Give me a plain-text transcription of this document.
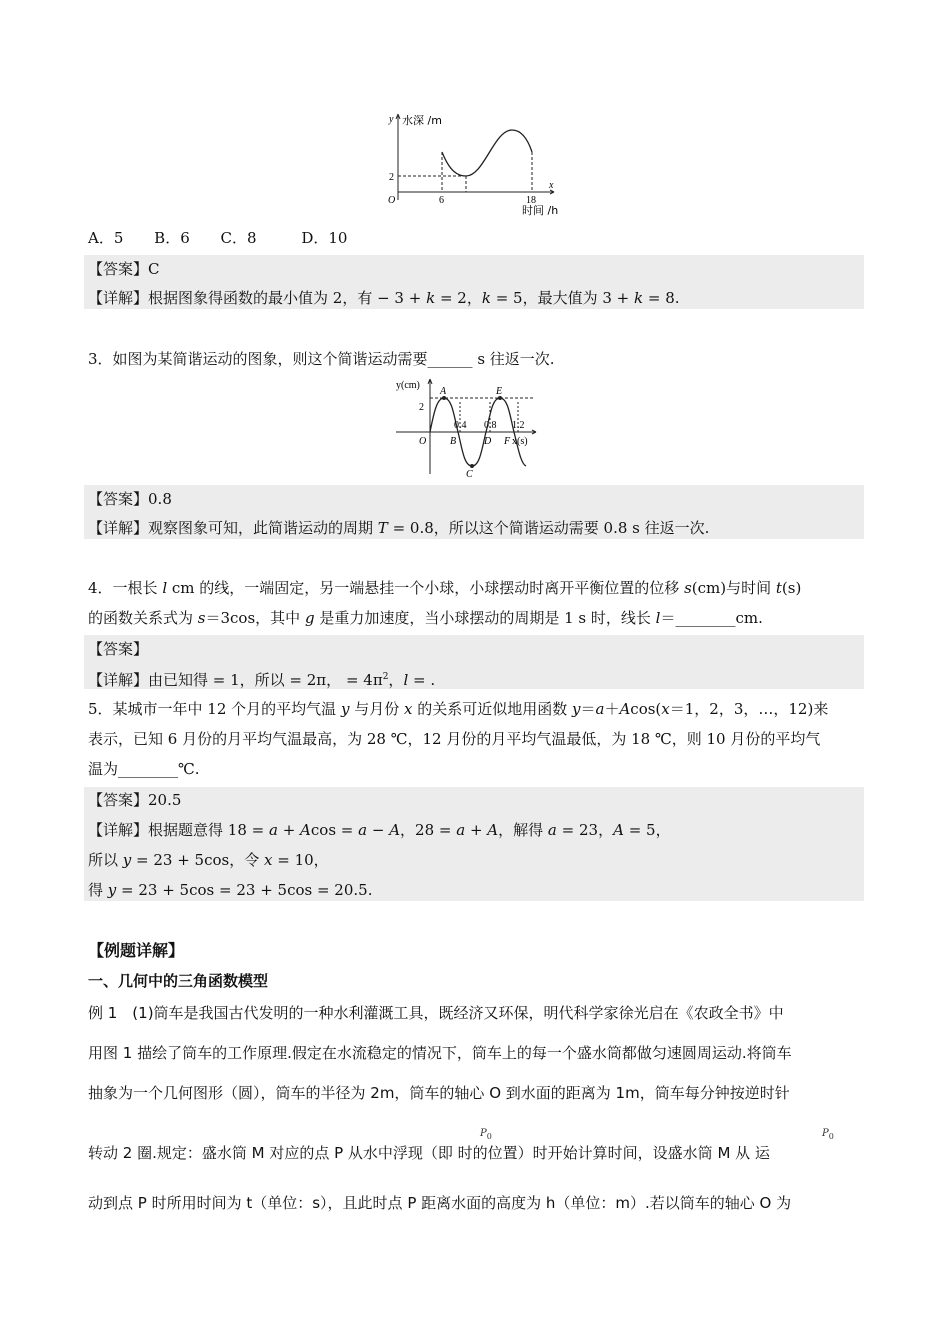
y 水深 /m
x
时间 /h
O	6	18
2
A．5 B．6 C．8	D．10
【答案】C
【详解】根据图象得函数的最小值为 2，有 − 3 + k = 2，k = 5，最大值为 3 + k = 8.
3．如图为某简谐运动的图象，则这个简谐运动需要______ s 往返一次.
y(cm)
x(s)
O
2
0.4 0.8 1.2
A	E
B	D F
C
【答案】0.8
【详解】观察图象可知，此简谐运动的周期 T = 0.8，所以这个简谐运动需要 0.8 s 往返一次.
4．一根长 l cm 的线，一端固定，另一端悬挂一个小球，小球摆动时离开平衡位置的位移 s(cm)与时间 t(s)
的函数关系式为 s＝3cos，其中 g 是重力加速度，当小球摆动的周期是 1 s 时，线长 l＝________cm.
【答案】
【详解】由已知得 = 1，所以 = 2π， = $4\pi^2$，l = .
5．某城市一年中 12 个月的平均气温 y 与月份 x 的关系可近似地用函数 y＝a＋Acos(x＝1，2，3，…，12)来
表示，已知 6 月份的月平均气温最高，为 28 ℃，12 月份的月平均气温最低，为 18 ℃，则 10 月份的平均气
温为________℃.
【答案】20.5
【详解】根据题意得 18 = a + Acos = a − A，28 = a + A，解得 a = 23，A = 5，
所以 y = 23 + 5cos，令 x = 10，
得 y = 23 + 5cos = 23 + 5cos = 20.5.
【例题详解】
一、几何中的三角函数模型
例 1　(1)筒车是我国古代发明的一种水利灌溉工具，既经济又环保，明代科学家徐光启在《农政全书》中
用图 1 描绘了筒车的工作原理.假定在水流稳定的情况下，筒车上的每一个盛水筒都做匀速圆周运动.将筒车
抽象为一个几何图形（圆），筒车的半径为 2m，筒车的轴心 O 到水面的距离为 1m，筒车每分钟按逆时针
$P_0$	$P_0$
转动 2 圈.规定：盛水筒 M 对应的点 P 从水中浮现（即 时的位置）时开始计算时间，设盛水筒 M 从 运
动到点 P 时所用时间为 t（单位：s），且此时点 P 距离水面的高度为 h（单位：m）.若以筒车的轴心 O 为
